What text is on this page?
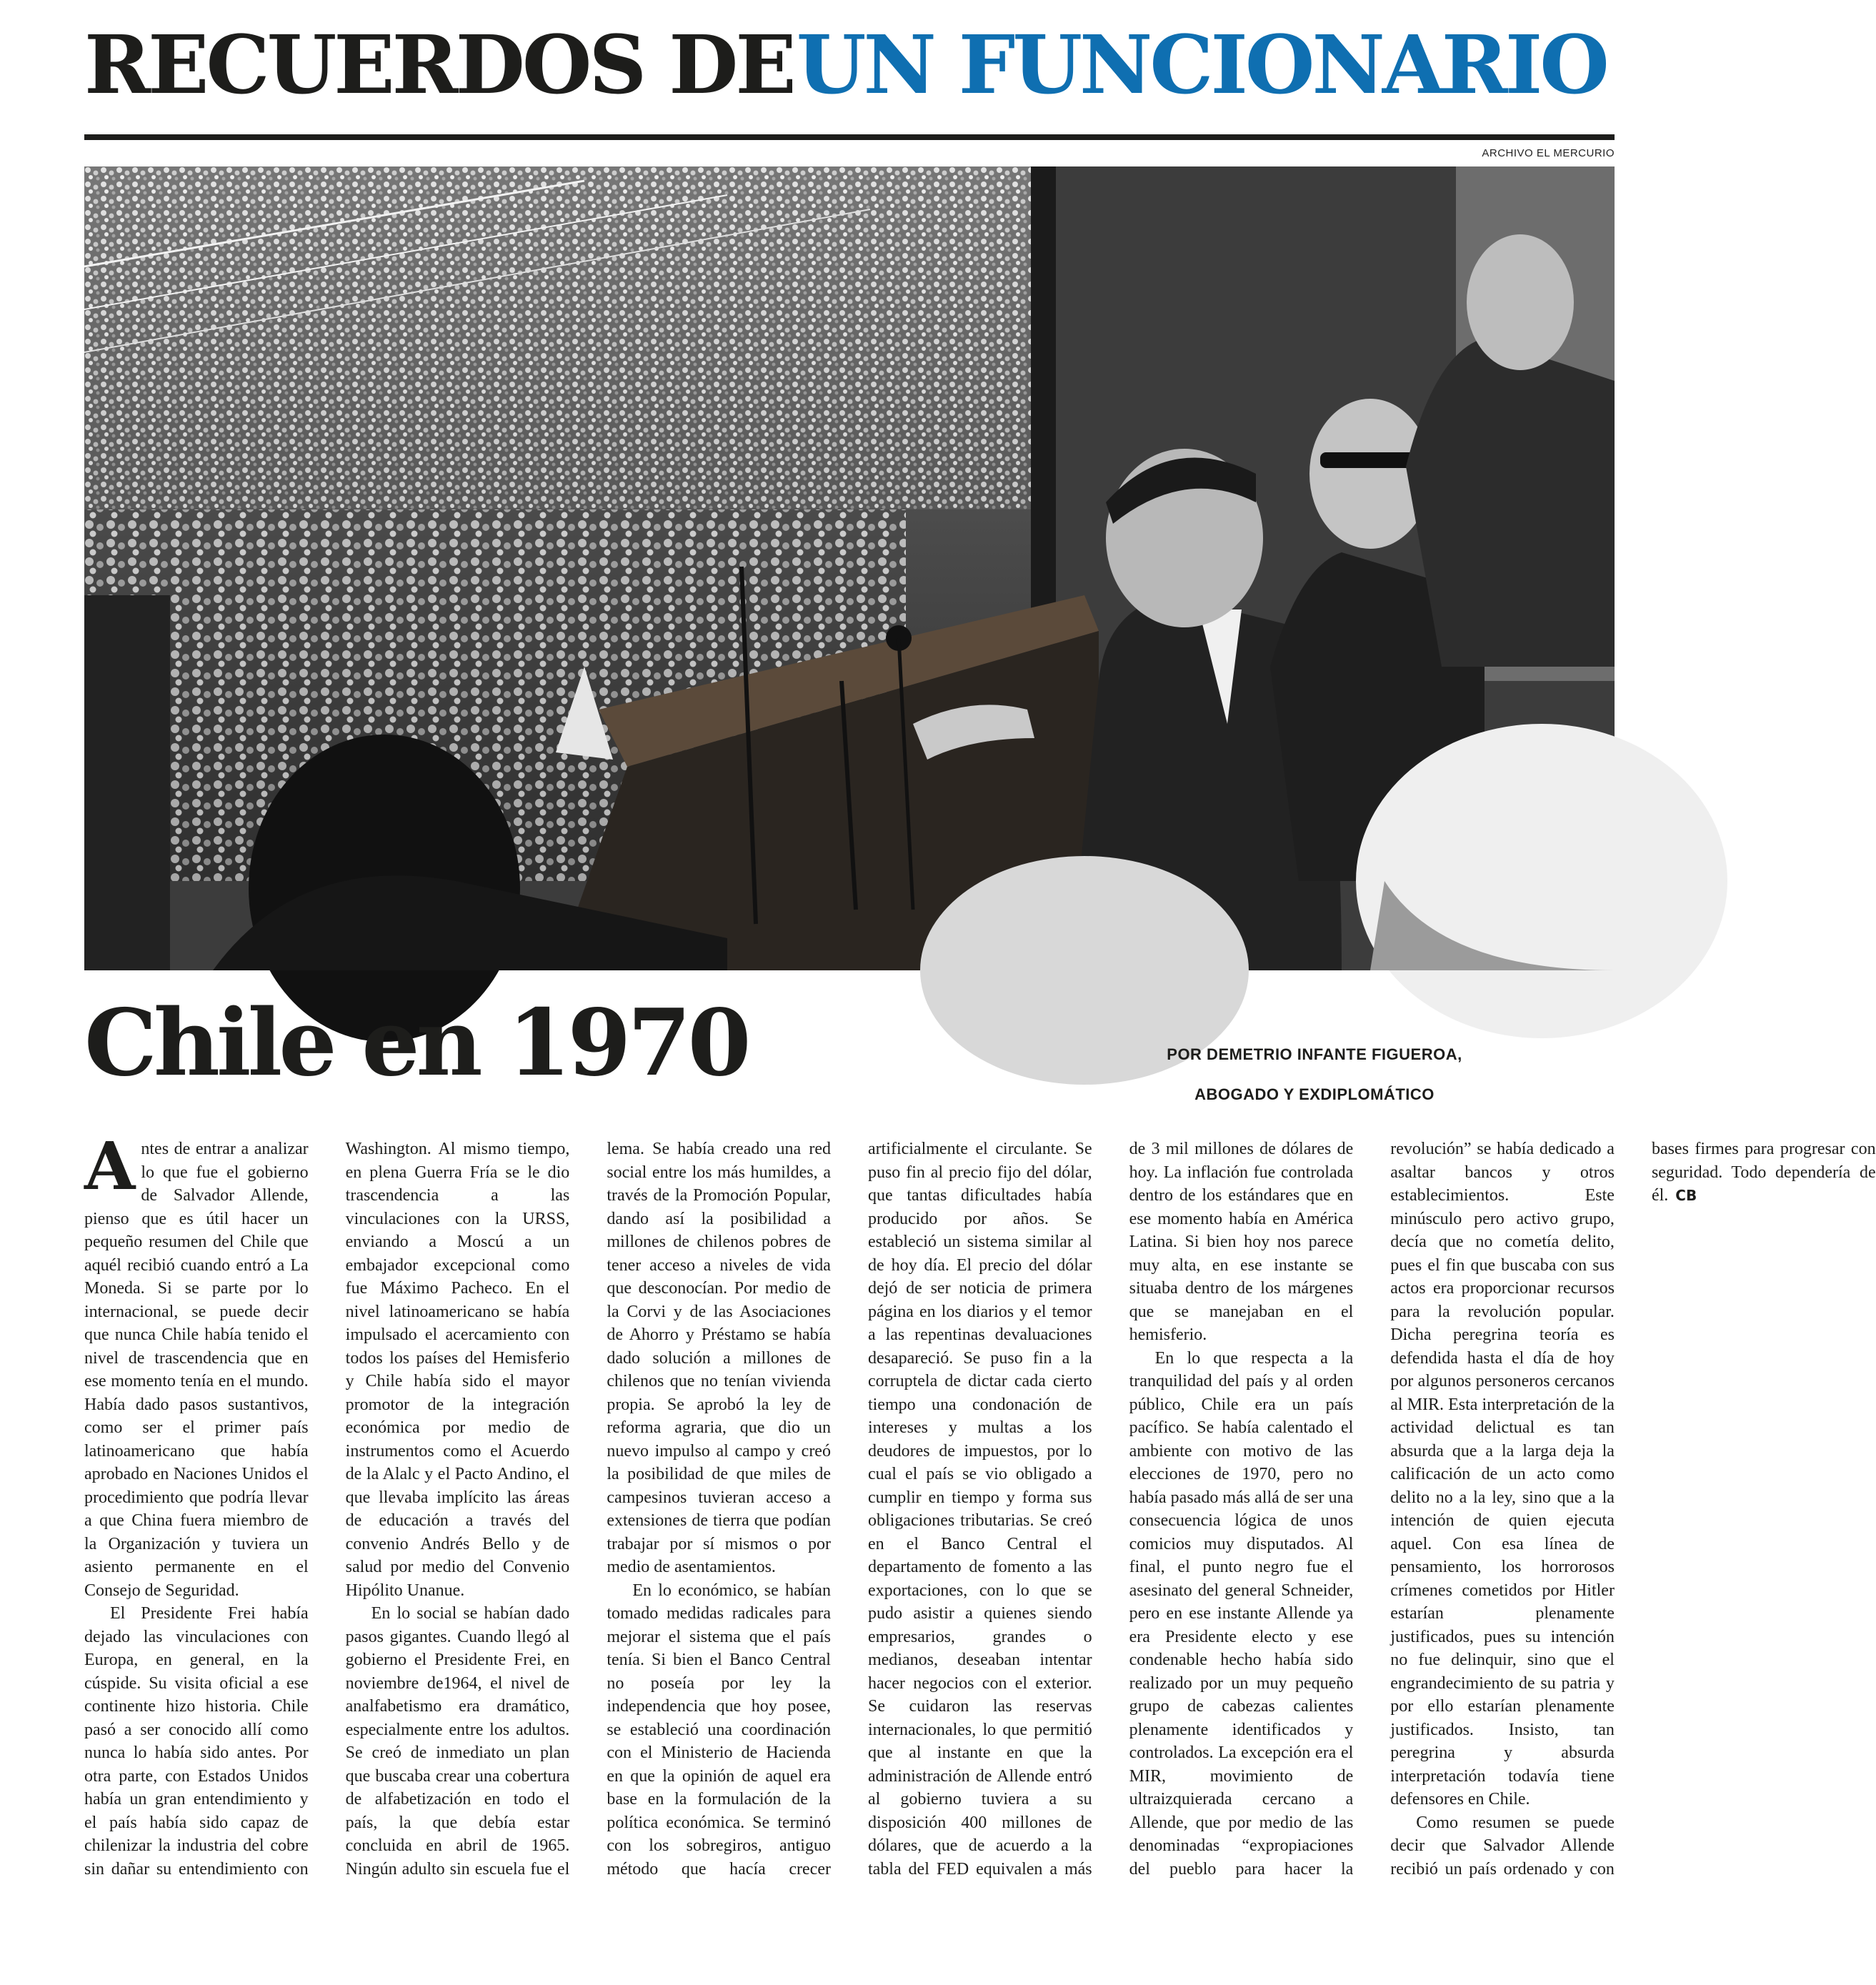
RECUERDOS DE UN FUNCIONARIO
ARCHIVO EL MERCURIO
Chile en 1970	POR DEMETRIO INFANTE FIGUEROA,
ABOGADO Y EXDIPLOMÁTICO

Antes de entrar a analizar lo que fue el gobierno de Salvador Allende, pienso que es útil hacer un pequeño resumen del Chile que aquél recibió cuando entró a La Moneda. Si se parte por lo internacional, se puede decir que nunca Chile había tenido el nivel de trascendencia que en ese momento tenía en el mundo. Había dado pasos sustantivos, como ser el primer país latinoamericano que había aprobado en Naciones Unidos el procedimiento que podría llevar a que China fuera miembro de la Organización y tuviera un asiento permanente en el Consejo de Seguridad.

El Presidente Frei había dejado las vinculaciones con Europa, en general, en la cúspide. Su visita oficial a ese continente hizo historia. Chile pasó a ser conocido allí como nunca lo había sido antes. Por otra parte, con Estados Unidos había un gran entendimiento y el país había sido capaz de chilenizar la industria del cobre sin dañar su entendimiento con Washington. Al mismo tiempo, en plena Guerra Fría se le dio trascendencia a las vinculaciones con la URSS, enviando a Moscú a un embajador excepcional como fue Máximo Pacheco. En el nivel latinoamericano se había impulsado el acercamiento con todos los países del Hemisferio y Chile había sido el mayor promotor de la integración económica por medio de instrumentos como el Acuerdo de la Alalc y el Pacto Andino, el que llevaba implícito las áreas de educación a través del convenio Andrés Bello y de salud por medio del Convenio Hipólito Unanue.

En lo social se habían dado pasos gigantes. Cuando llegó al gobierno el Presidente Frei, en noviembre de1964, el nivel de analfabetismo era dramático, especialmente entre los adultos. Se creó de inmediato un plan que buscaba crear una cobertura de alfabetización en todo el país, la que debía estar concluida en abril de 1965. Ningún adulto sin escuela fue el lema. Se había creado una red social entre los más humildes, a través de la Promoción Popular, dando así la posibilidad a millones de chilenos pobres de tener acceso a niveles de vida que desconocían. Por medio de la Corvi y de las Asociaciones de Ahorro y Préstamo se había dado solución a millones de chilenos que no tenían vivienda propia. Se aprobó la ley de reforma agraria, que dio un nuevo impulso al campo y creó la posibilidad de que miles de campesinos tuvieran acceso a extensiones de tierra que podían trabajar por sí mismos o por medio de asentamientos.

En lo económico, se habían tomado medidas radicales para mejorar el sistema que el país tenía. Si bien el Banco Central no poseía por ley la independencia que hoy posee, se estableció una coordinación con el Ministerio de Hacienda en que la opinión de aquel era base en la formulación de la política económica. Se terminó con los sobregiros, antiguo método que hacía crecer artificialmente el circulante. Se puso fin al precio fijo del dólar, que tantas dificultades había producido por años. Se estableció un sistema similar al de hoy día. El precio del dólar dejó de ser noticia de primera página en los diarios y el temor a las repentinas devaluaciones desapareció. Se puso fin a la corruptela de dictar cada cierto tiempo una condonación de intereses y multas a los deudores de impuestos, por lo cual el país se vio obligado a cumplir en tiempo y forma sus obligaciones tributarias. Se creó en el Banco Central el departamento de fomento a las exportaciones, con lo que se pudo asistir a quienes siendo empresarios, grandes o medianos, deseaban intentar hacer negocios con el exterior. Se cuidaron las reservas internacionales, lo que permitió que al instante en que la administración de Allende entró al gobierno tuviera a su disposición 400 millones de dólares, que de acuerdo a la tabla del FED equivalen a más de 3 mil millones de dólares de hoy. La inflación fue controlada dentro de los estándares que en ese momento había en América Latina. Si bien hoy nos parece muy alta, en ese instante se situaba dentro de los márgenes que se manejaban en el hemisferio.

En lo que respecta a la tranquilidad del país y al orden público, Chile era un país pacífico. Se había calentado el ambiente con motivo de las elecciones de 1970, pero no había pasado más allá de ser una consecuencia lógica de unos comicios muy disputados. Al final, el punto negro fue el asesinato del general Schneider, pero en ese instante Allende ya era Presidente electo y ese condenable hecho había sido realizado por un muy pequeño grupo de cabezas calientes plenamente identificados y controlados. La excepción era el MIR, movimiento de ultraizquierada cercano a Allende, que por medio de las denominadas “expropiaciones del pueblo para hacer la revolución” se había dedicado a asaltar bancos y otros establecimientos. Este minúsculo pero activo grupo, decía que no cometía delito, pues el fin que buscaba con sus actos era proporcionar recursos para la revolución popular. Dicha peregrina teoría es defendida hasta el día de hoy por algunos personeros cercanos al MIR. Esta interpretación de la actividad delictual es tan absurda que a la larga deja la calificación de un acto como delito no a la ley, sino que a la intención de quien ejecuta aquel. Con esa línea de pensamiento, los horrorosos crímenes cometidos por Hitler estarían plenamente justificados, pues su intención no fue delinquir, sino que el engrandecimiento de su patria y por ello estarían plenamente justificados. Insisto, tan peregrina y absurda interpretación todavía tiene defensores en Chile.

Como resumen se puede decir que Salvador Allende recibió un país ordenado y con bases firmes para progresar con seguridad. Todo dependería de él. CB
